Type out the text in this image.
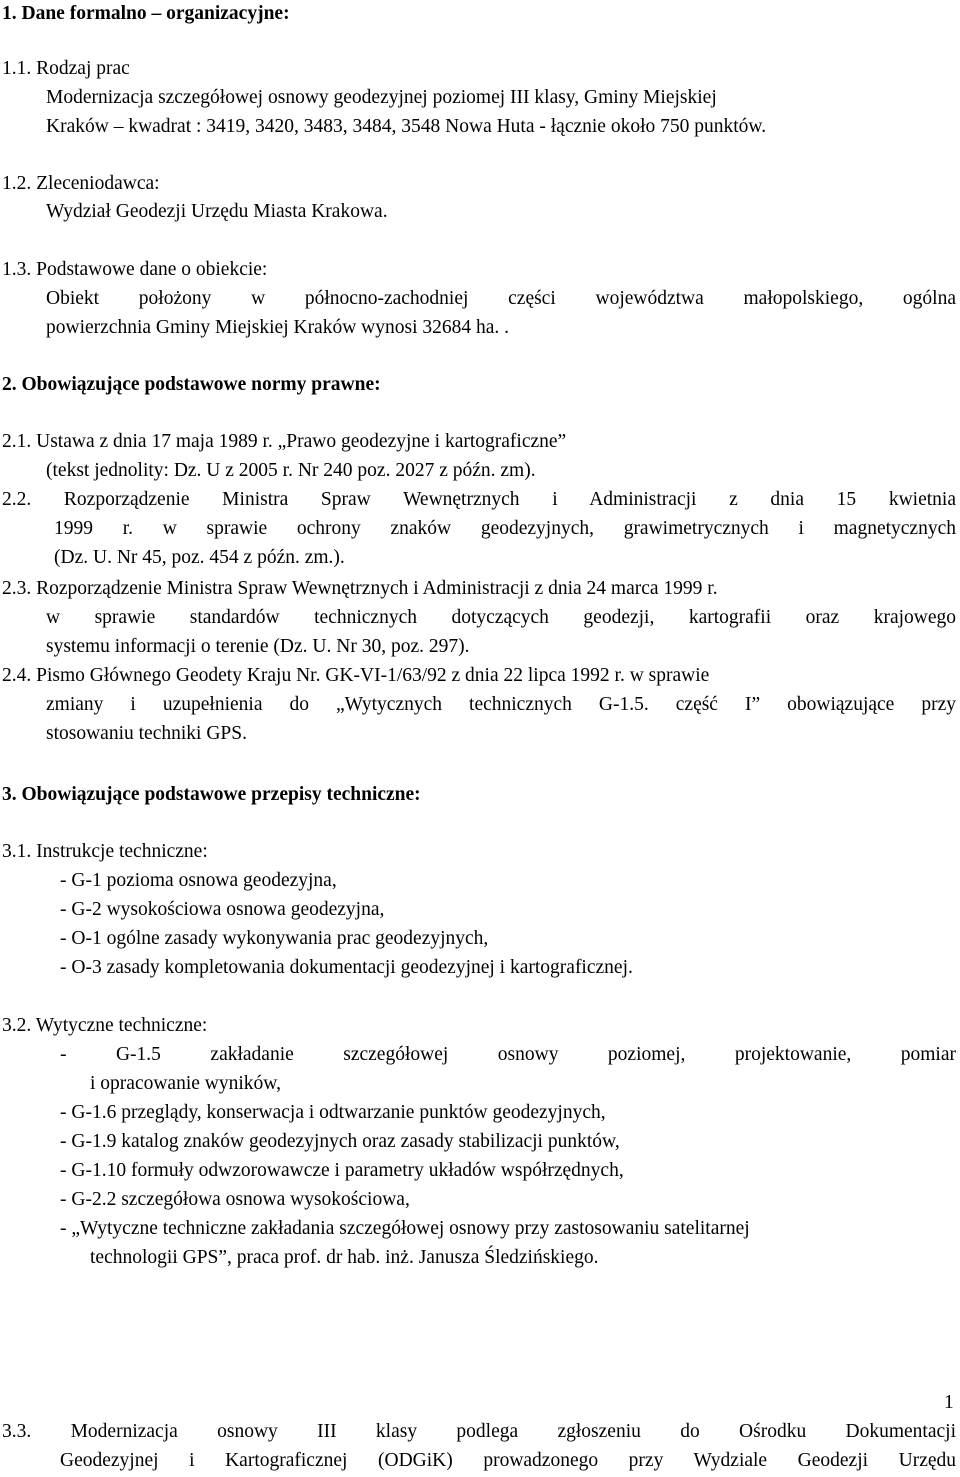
1. Dane formalno – organizacyjne:
1.1. Rodzaj prac
Modernizacja szczegółowej osnowy geodezyjnej poziomej III klasy, Gminy Miejskiej
Kraków – kwadrat : 3419, 3420, 3483, 3484, 3548 Nowa Huta - łącznie około 750 punktów.
1.2. Zleceniodawca:
Wydział Geodezji Urzędu Miasta Krakowa.
1.3. Podstawowe dane o obiekcie:
Obiekt położony w północno-zachodniej części województwa małopolskiego, ogólna
powierzchnia Gminy Miejskiej Kraków wynosi 32684 ha. .
2. Obowiązujące podstawowe normy prawne:
2.1. Ustawa z dnia 17 maja 1989 r. „Prawo geodezyjne i kartograficzne”
(tekst jednolity: Dz. U z 2005 r. Nr 240 poz. 2027 z późn. zm).
2.2. Rozporządzenie Ministra Spraw Wewnętrznych i Administracji z dnia 15 kwietnia
1999 r. w sprawie ochrony znaków geodezyjnych, grawimetrycznych i magnetycznych
(Dz. U. Nr 45, poz. 454 z późn. zm.).
2.3. Rozporządzenie Ministra Spraw Wewnętrznych i Administracji z dnia 24 marca 1999 r.
w sprawie standardów technicznych dotyczących geodezji, kartografii oraz krajowego
systemu informacji o terenie (Dz. U. Nr 30, poz. 297).
2.4. Pismo Głównego Geodety Kraju Nr. GK-VI-1/63/92 z dnia 22 lipca 1992 r. w sprawie
zmiany i uzupełnienia do „Wytycznych technicznych G-1.5. część I” obowiązujące przy
stosowaniu techniki GPS.
3. Obowiązujące podstawowe przepisy techniczne:
3.1. Instrukcje techniczne:
- G-1 pozioma osnowa geodezyjna,
- G-2 wysokościowa osnowa geodezyjna,
- O-1 ogólne zasady wykonywania prac geodezyjnych,
- O-3 zasady kompletowania dokumentacji geodezyjnej i kartograficznej.
3.2. Wytyczne techniczne:
- G-1.5 zakładanie szczegółowej osnowy poziomej, projektowanie, pomiar
i opracowanie wyników,
- G-1.6 przeglądy, konserwacja i odtwarzanie punktów geodezyjnych,
- G-1.9 katalog znaków geodezyjnych oraz zasady stabilizacji punktów,
- G-1.10 formuły odwzorowawcze i parametry układów współrzędnych,
- G-2.2 szczegółowa osnowa wysokościowa,
- „Wytyczne techniczne zakładania szczegółowej osnowy przy zastosowaniu satelitarnej
technologii GPS”, praca prof. dr hab. inż. Janusza Śledzińskiego.
1
3.3. Modernizacja osnowy III klasy podlega zgłoszeniu do Ośrodku Dokumentacji
Geodezyjnej i Kartograficznej (ODGiK) prowadzonego przy Wydziale Geodezji Urzędu
